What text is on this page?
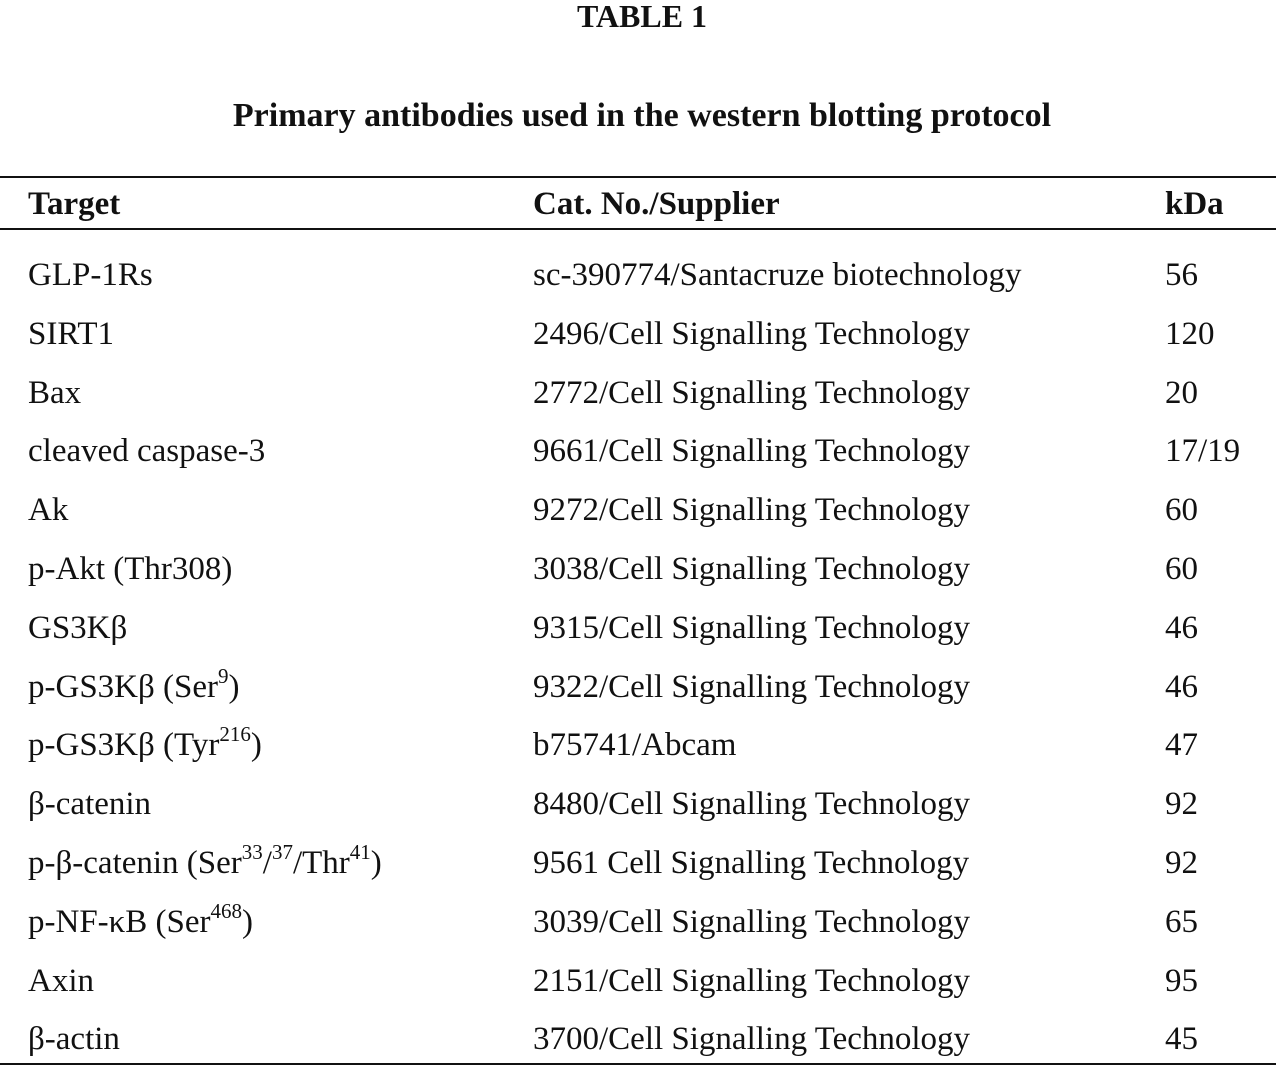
TABLE 1
Primary antibodies used in the western blotting protocol
Target	Cat. No./Supplier	kDa
GLP-1Rs	sc-390774/Santacruze biotechnology	56
SIRT1	2496/Cell Signalling Technology	120
Bax	2772/Cell Signalling Technology	20
cleaved caspase-3	9661/Cell Signalling Technology	17/19
Ak	9272/Cell Signalling Technology	60
p-Akt (Thr308)	3038/Cell Signalling Technology	60
GS3Kβ	9315/Cell Signalling Technology	46
p-GS3Kβ (Ser$^9$)	9322/Cell Signalling Technology	46
p-GS3Kβ (Tyr$^{216}$)	b75741/Abcam	47
β-catenin	8480/Cell Signalling Technology	92
p-β-catenin (Ser$^{33}$/$^{37}$/Thr$^{41}$)	9561 Cell Signalling Technology	92
p-NF-κB (Ser$^{468}$)	3039/Cell Signalling Technology	65
Axin	2151/Cell Signalling Technology	95
β-actin	3700/Cell Signalling Technology	45
